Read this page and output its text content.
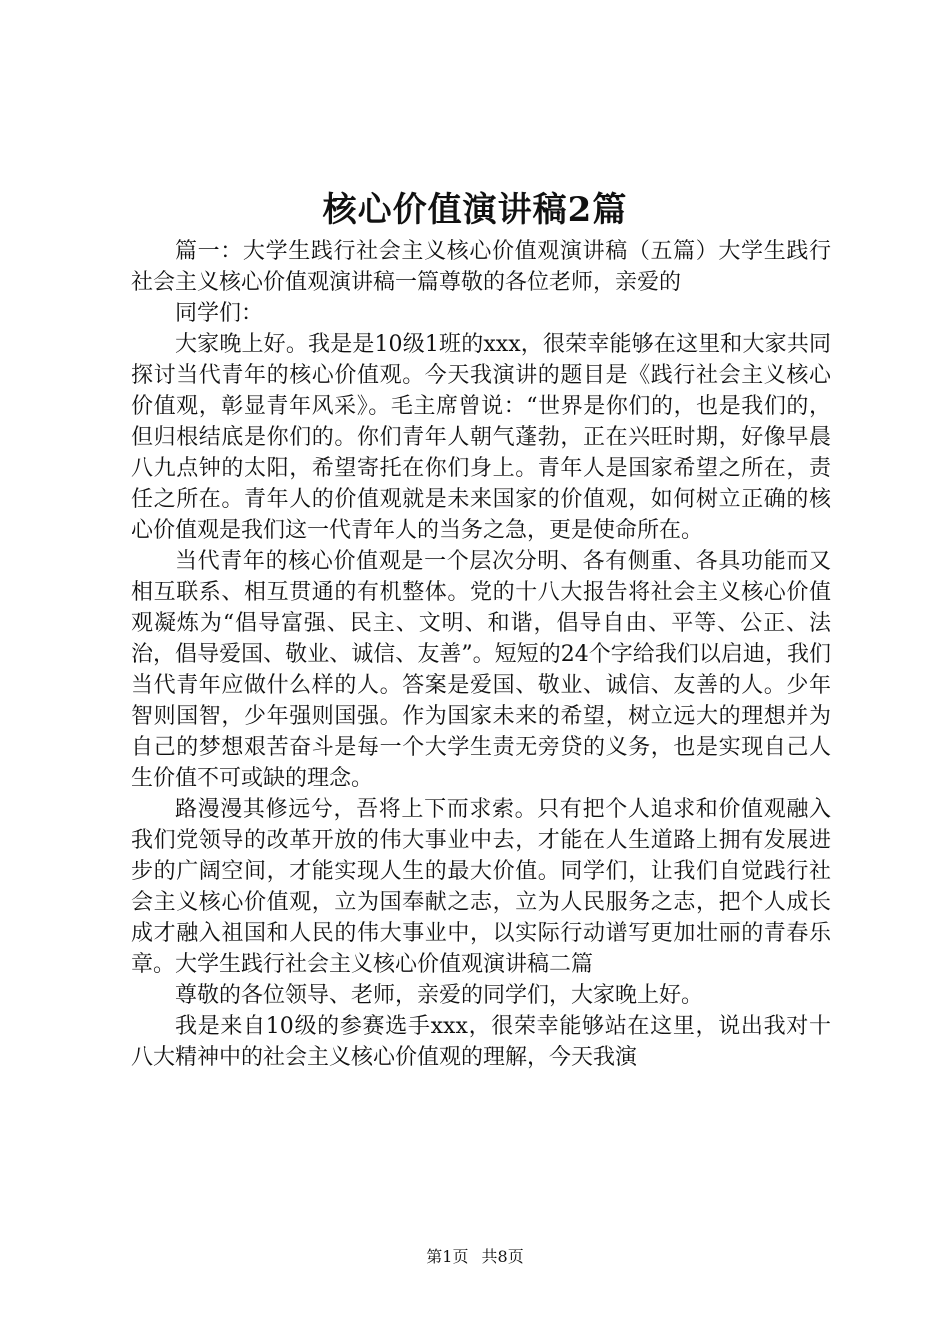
核心价值演讲稿2篇

篇一：大学生践行社会主义核心价值观演讲稿（五篇）大学生践行社会主义核心价值观演讲稿一篇尊敬的各位老师，亲爱的

同学们：

大家晚上好。我是是10级1班的xxx，很荣幸能够在这里和大家共同探讨当代青年的核心价值观。今天我演讲的题目是《践行社会主义核心价值观，彰显青年风采》。毛主席曾说：“世界是你们的，也是我们的，但归根结底是你们的。你们青年人朝气蓬勃，正在兴旺时期，好像早晨八九点钟的太阳，希望寄托在你们身上。青年人是国家希望之所在，责任之所在。青年人的价值观就是未来国家的价值观，如何树立正确的核心价值观是我们这一代青年人的当务之急，更是使命所在。

当代青年的核心价值观是一个层次分明、各有侧重、各具功能而又相互联系、相互贯通的有机整体。党的十八大报告将社会主义核心价值观凝炼为“倡导富强、民主、文明、和谐，倡导自由、平等、公正、法治，倡导爱国、敬业、诚信、友善”。短短的24个字给我们以启迪，我们当代青年应做什么样的人。答案是爱国、敬业、诚信、友善的人。少年智则国智，少年强则国强。作为国家未来的希望，树立远大的理想并为自己的梦想艰苦奋斗是每一个大学生责无旁贷的义务，也是实现自己人生价值不可或缺的理念。

路漫漫其修远兮，吾将上下而求索。只有把个人追求和价值观融入我们党领导的改革开放的伟大事业中去，才能在人生道路上拥有发展进步的广阔空间，才能实现人生的最大价值。同学们，让我们自觉践行社会主义核心价值观，立为国奉献之志，立为人民服务之志，把个人成长成才融入祖国和人民的伟大事业中，以实际行动谱写更加壮丽的青春乐章。大学生践行社会主义核心价值观演讲稿二篇

尊敬的各位领导、老师，亲爱的同学们，大家晚上好。

我是来自10级的参赛选手xxx，很荣幸能够站在这里，说出我对十八大精神中的社会主义核心价值观的理解，今天我演

第1页 共8页
